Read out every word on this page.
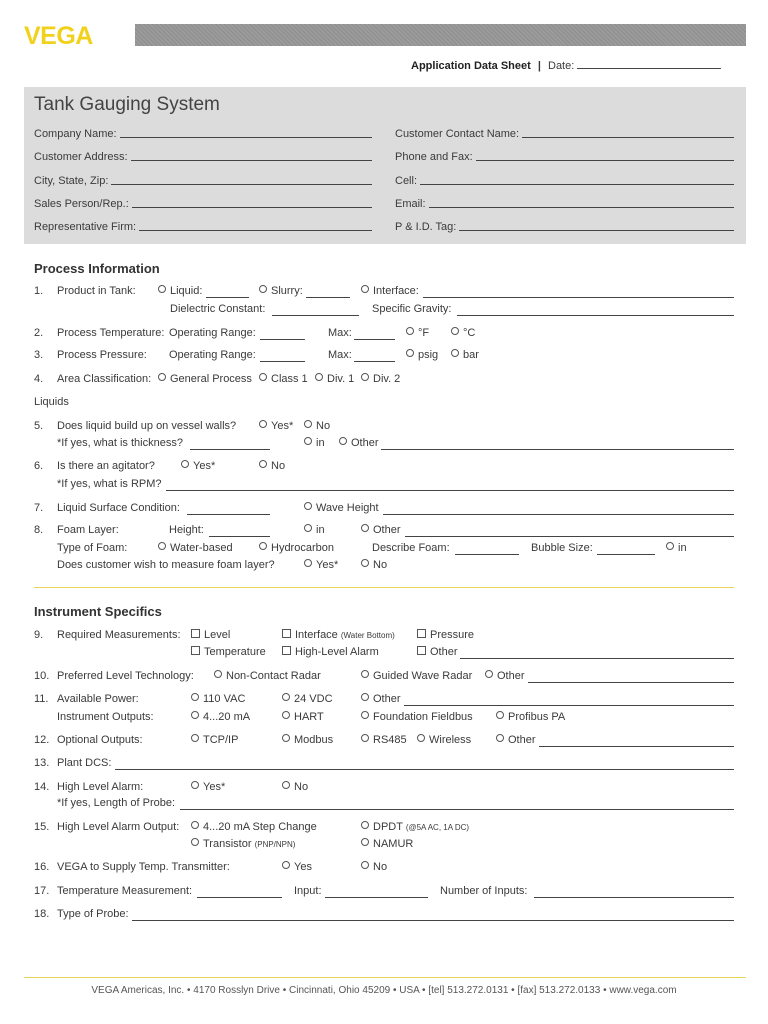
VEGA
Application Data Sheet | Date:
Tank Gauging System
Company Name:
Customer Address:
City, State, Zip:
Sales Person/Rep.:
Representative Firm:
Customer Contact Name:
Phone and Fax:
Cell:
Email:
P & I.D. Tag:
Process Information
1. Product in Tank:	Liquid:	Slurry:	Interface:
Dielectric Constant:	Specific Gravity:
2. Process Temperature: Operating Range:	Max:	°F	°C
3. Process Pressure: Operating Range:	Max:	psig	bar
4. Area Classification:	General Process	Class 1	Div. 1	Div. 2
Liquids
5. Does liquid build up on vessel walls?	Yes*	No
*If yes, what is thickness?	in	Other
6. Is there an agitator?	Yes*	No
*If yes, what is RPM?
7. Liquid Surface Condition:	Wave Height
8. Foam Layer:	Height:	in	Other
Type of Foam:	Water-based	Hydrocarbon	Describe Foam:	Bubble Size:	in
Does customer wish to measure foam layer?	Yes*	No
Instrument Specifics
9. Required Measurements:	Level	Interface (Water Bottom)	Pressure
Temperature	High-Level Alarm	Other
10. Preferred Level Technology:	Non-Contact Radar	Guided Wave Radar	Other
11. Available Power:	110 VAC	24 VDC	Other
Instrument Outputs:	4...20 mA	HART	Foundation Fieldbus	Profibus PA
12. Optional Outputs:	TCP/IP	Modbus	RS485	Wireless	Other
13. Plant DCS:
14. High Level Alarm:	Yes*	No
*If yes, Length of Probe:
15. High Level Alarm Output:	4...20 mA Step Change	DPDT (@5A AC, 1A DC)
Transistor (PNP/NPN)	NAMUR
16. VEGA to Supply Temp. Transmitter:	Yes	No
17. Temperature Measurement:	Input:	Number of Inputs:
18. Type of Probe:
VEGA Americas, Inc. • 4170 Rosslyn Drive • Cincinnati, Ohio 45209 • USA • [tel] 513.272.0131 • [fax] 513.272.0133 • www.vega.com
